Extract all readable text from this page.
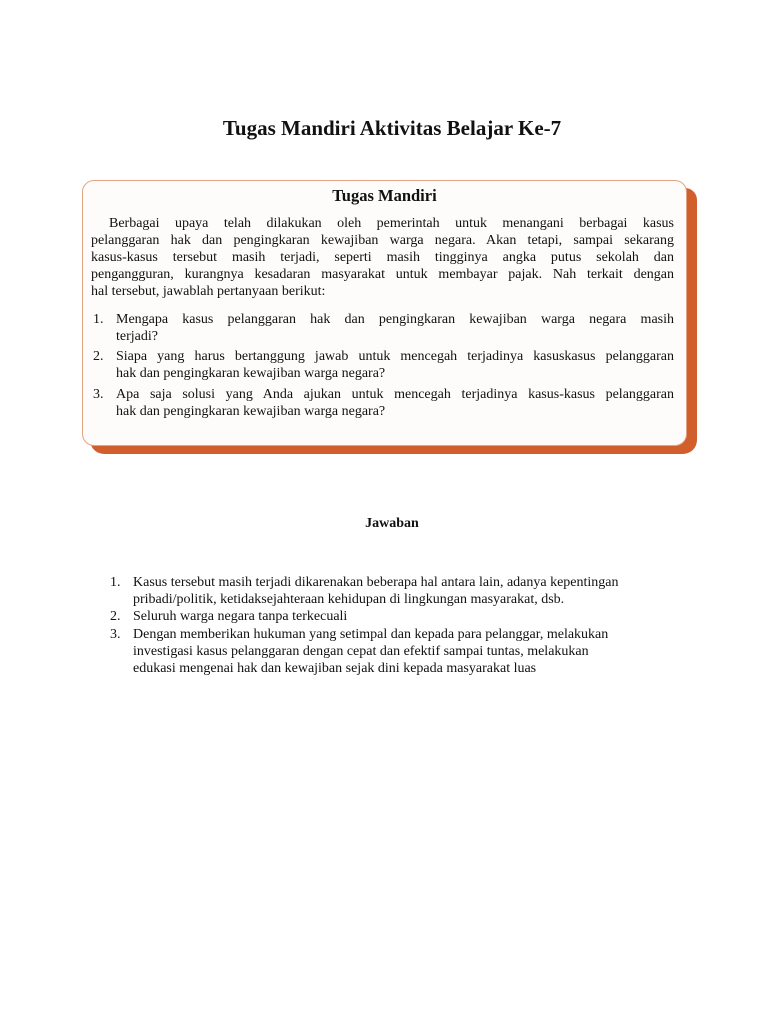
Tugas Mandiri Aktivitas Belajar Ke-7
Tugas Mandiri
Berbagai upaya telah dilakukan oleh pemerintah untuk menangani berbagai kasus
pelanggaran hak dan pengingkaran kewajiban warga negara. Akan tetapi, sampai sekarang
kasus-kasus tersebut masih terjadi, seperti masih tingginya angka putus sekolah dan
pengangguran, kurangnya kesadaran masyarakat untuk membayar pajak. Nah terkait dengan
hal tersebut, jawablah pertanyaan berikut:
1. Mengapa kasus pelanggaran hak dan pengingkaran kewajiban warga negara masih
terjadi?
2. Siapa yang harus bertanggung jawab untuk mencegah terjadinya kasuskasus pelanggaran
hak dan pengingkaran kewajiban warga negara?
3. Apa saja solusi yang Anda ajukan untuk mencegah terjadinya kasus-kasus pelanggaran
hak dan pengingkaran kewajiban warga negara?
Jawaban
1. Kasus tersebut masih terjadi dikarenakan beberapa hal antara lain, adanya kepentingan
pribadi/politik, ketidaksejahteraan kehidupan di lingkungan masyarakat, dsb.
2. Seluruh warga negara tanpa terkecuali
3. Dengan memberikan hukuman yang setimpal dan kepada para pelanggar, melakukan
investigasi kasus pelanggaran dengan cepat dan efektif sampai tuntas, melakukan
edukasi mengenai hak dan kewajiban sejak dini kepada masyarakat luas
